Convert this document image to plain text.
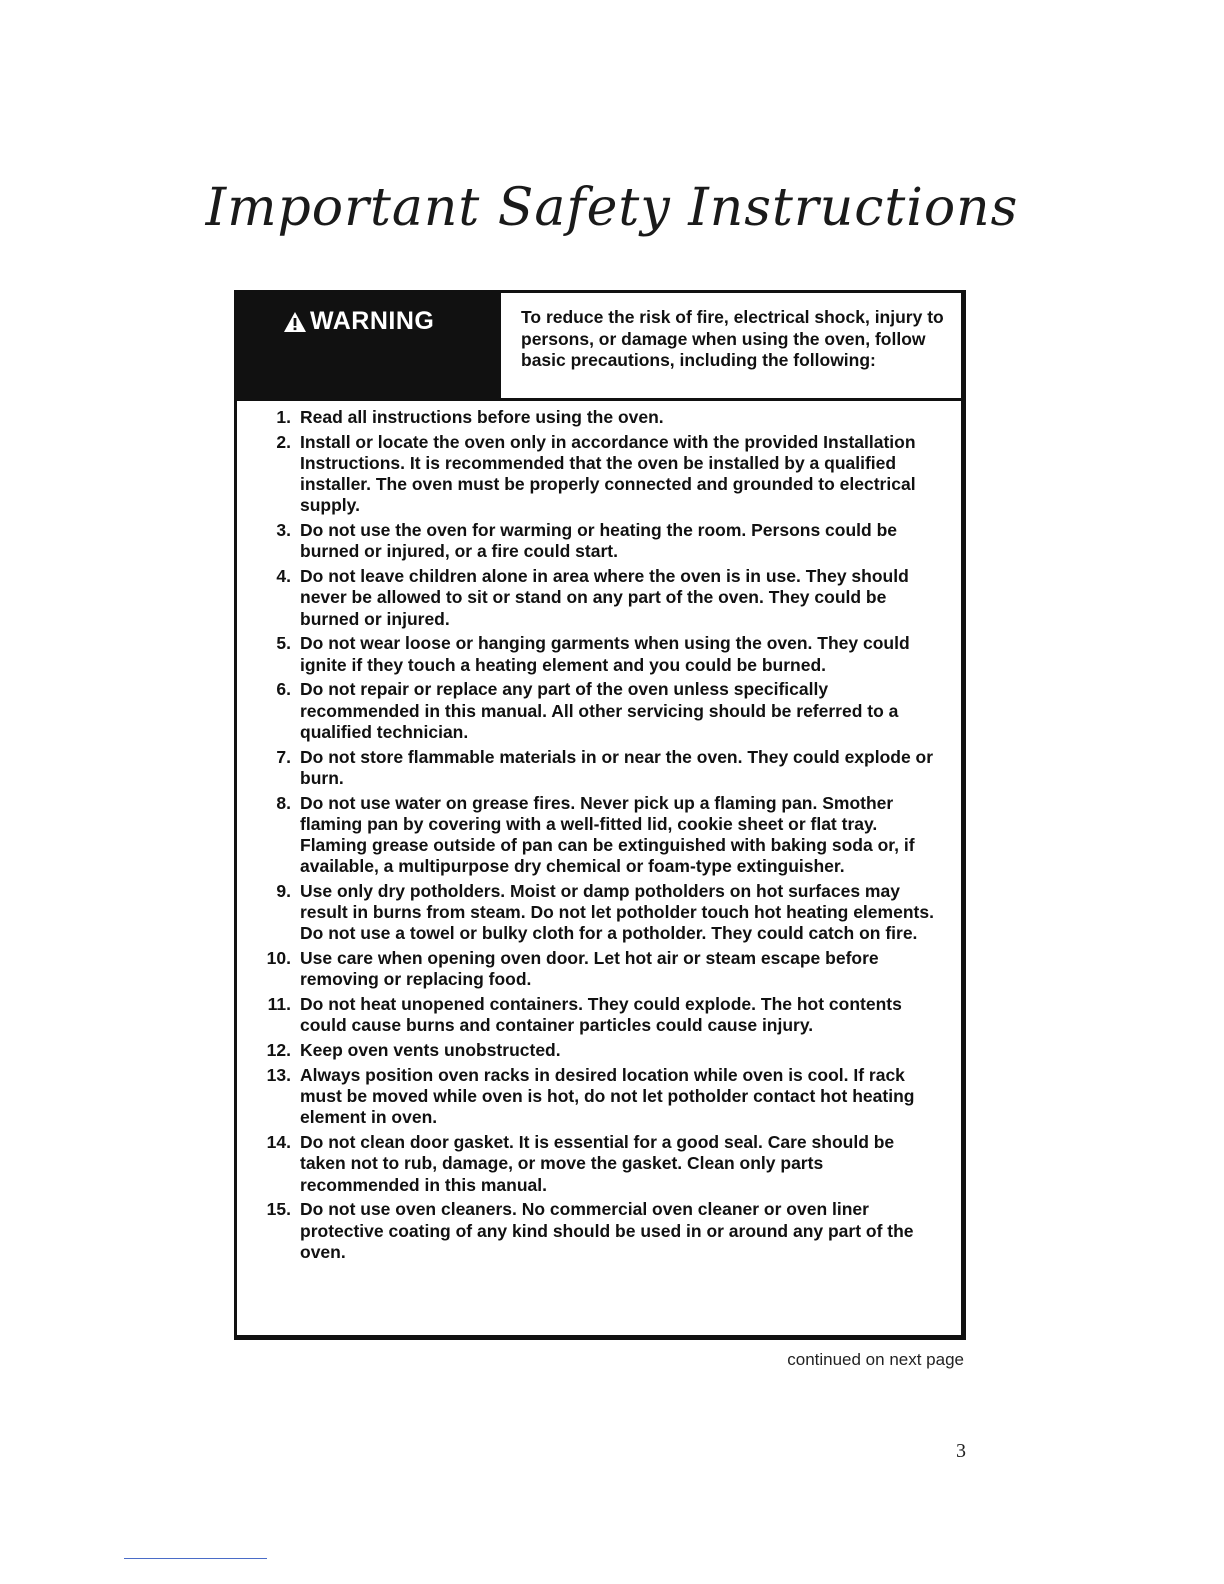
Important Safety Instructions
WARNING	To reduce the risk of fire, electrical shock, injury to persons, or damage when using the oven, follow basic precautions, including the following:
1. Read all instructions before using the oven.
2. Install or locate the oven only in accordance with the provided Installation Instructions. It is recommended that the oven be installed by a qualified installer. The oven must be properly connected and grounded to electrical supply.
3. Do not use the oven for warming or heating the room. Persons could be burned or injured, or a fire could start.
4. Do not leave children alone in area where the oven is in use. They should never be allowed to sit or stand on any part of the oven. They could be burned or injured.
5. Do not wear loose or hanging garments when using the oven. They could ignite if they touch a heating element and you could be burned.
6. Do not repair or replace any part of the oven unless specifically recommended in this manual. All other servicing should be referred to a qualified technician.
7. Do not store flammable materials in or near the oven. They could explode or burn.
8. Do not use water on grease fires. Never pick up a flaming pan. Smother flaming pan by covering with a well-fitted lid, cookie sheet or flat tray. Flaming grease outside of pan can be extinguished with baking soda or, if available, a multipurpose dry chemical or foam-type extinguisher.
9. Use only dry potholders. Moist or damp potholders on hot surfaces may result in burns from steam. Do not let potholder touch hot heating elements. Do not use a towel or bulky cloth for a potholder. They could catch on fire.
10. Use care when opening oven door. Let hot air or steam escape before removing or replacing food.
11. Do not heat unopened containers. They could explode. The hot contents could cause burns and container particles could cause injury.
12. Keep oven vents unobstructed.
13. Always position oven racks in desired location while oven is cool. If rack must be moved while oven is hot, do not let potholder contact hot heating element in oven.
14. Do not clean door gasket. It is essential for a good seal. Care should be taken not to rub, damage, or move the gasket. Clean only parts recommended in this manual.
15. Do not use oven cleaners. No commercial oven cleaner or oven liner protective coating of any kind should be used in or around any part of the oven.
continued on next page
3
